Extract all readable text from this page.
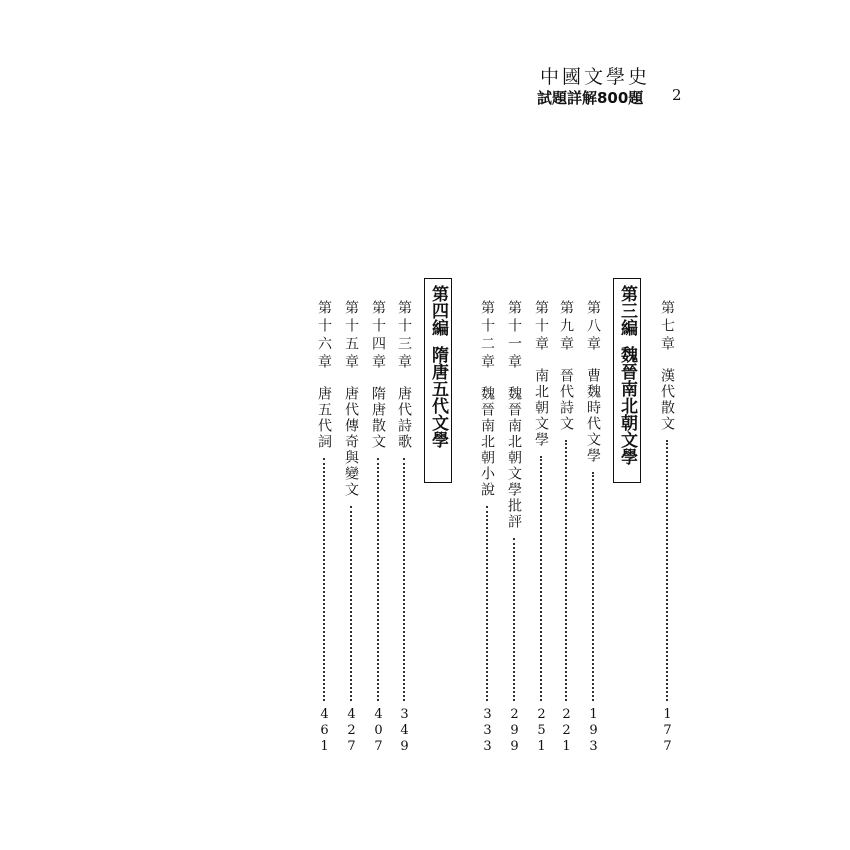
中國文學史
試題詳解800題	2
第七章
漢代散文
177
第三編
魏晉南北朝文學
第八章
曹魏時代文學
193
第九章
晉代詩文
221
第十章
南北朝文學
251
第十一章
魏晉南北朝文學批評
299
第十二章
魏晉南北朝小說
333
第四編
隋唐五代文學
第十三章
唐代詩歌
349
第十四章
隋唐散文
407
第十五章
唐代傳奇與變文
427
第十六章
唐五代詞
461
